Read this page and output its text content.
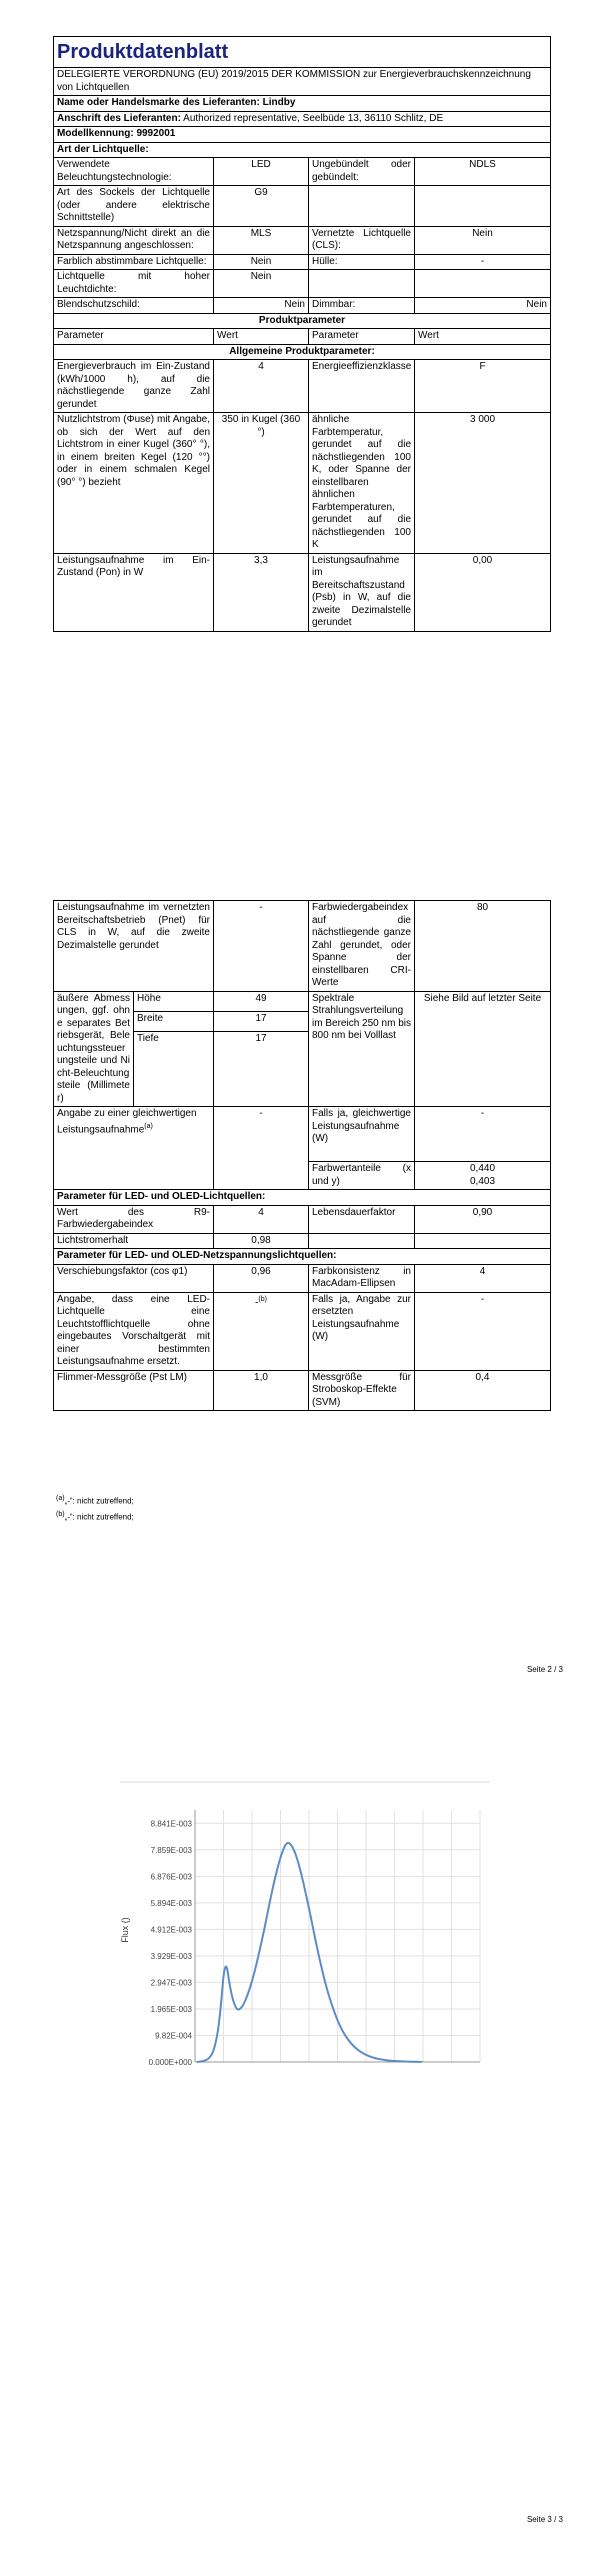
Produktdatenblatt			
DELEGIERTE VERORDNUNG (EU) 2019/2015 DER KOMMISSION zur Energieverbrauchskennzeichnung von Lichtquellen			
Name oder Handelsmarke des Lieferanten: Lindby			
Anschrift des Lieferanten: Authorized representative, Seelbüde 13, 36110 Schlitz, DE			
Modellkennung: 9992001			
Art der Lichtquelle:			
Verwendete Beleuchtungstechnologie:	LED	Ungebündelt oder gebündelt:	NDLS
Art des Sockels der Lichtquelle (oder andere elektrische Schnittstelle)	G9		
Netzspannung/Nicht direkt an die Netzspannung angeschlossen:	MLS	Vernetzte Lichtquelle (CLS):	Nein
Farblich abstimmbare Lichtquelle:	Nein	Hülle:	-
Lichtquelle mit hoher Leuchtdichte:	Nein		
Blendschutzschild:	Nein	Dimmbar:	Nein
Produktparameter			
Parameter	Wert	Parameter	Wert
Allgemeine Produktparameter:			
Energieverbrauch im Ein-Zustand (kWh/1000 h), auf die nächstliegende ganze Zahl gerundet	4	Energieeffizienzklasse	F
Nutzlichtstrom (Φuse) mit Angabe, ob sich der Wert auf den Lichtstrom in einer Kugel (360° °), in einem breiten Kegel (120 °°) oder in einem schmalen Kegel (90° °) bezieht	350 in Kugel (360 °)	ähnliche Farbtemperatur, gerundet auf die nächstliegenden 100 K, oder Spanne der einstellbaren ähnlichen Farbtemperaturen, gerundet auf die nächstliegenden 100 K	3 000
Leistungsaufnahme im Ein-Zustand (Pon) in W	3,3	Leistungsaufnahme im Bereitschaftszustand (Psb) in W, auf die zweite Dezimalstelle gerundet	0,00
Leistungsaufnahme im vernetzten Bereitschaftsbetrieb (Pnet) für CLS in W, auf die zweite Dezimalstelle gerundet		-	Farbwiedergabeindex auf die nächstliegende ganze Zahl gerundet, oder Spanne der einstellbaren CRI-Werte	80
äußere Abmessungen, ggf. ohne separates Betriebsgerät, Beleuchtungssteuerungsteile und Nicht-Beleuchtungsteile (Millimeter)	Höhe	49	Spektrale Strahlungsverteilung im Bereich 250 nm bis 800 nm bei Volllast	Siehe Bild auf letzter Seite
	Breite	17		
	Tiefe	17		

Angabe zu einer gleichwertigen Leistungsaufnahme$^{(a)}$		-	Falls ja, gleichwertige Leistungsaufnahme (W)	-
			Farbwertanteile (x und y)	0,440
0,403

Parameter für LED- und OLED-Lichtquellen:				
Wert des R9-Farbwiedergabeindex		4	Lebensdauerfaktor	0,90
Lichtstromerhalt		0,98		
Parameter für LED- und OLED-Netzspannungslichtquellen:				
Verschiebungsfaktor (cos φ1)		0,96	Farbkonsistenz in MacAdam-Ellipsen	4
Angabe, dass eine LED-Lichtquelle eine Leuchtstofflichtquelle ohne eingebautes Vorschaltgerät mit einer bestimmten Leistungsaufnahme ersetzt.		-$^{(b)}$	Falls ja, Angabe zur ersetzten Leistungsaufnahme (W)	-
Flimmer-Messgröße (Pst LM)		1,0	Messgröße für Stroboskop-Effekte (SVM)	0,4
$^{(a)}$„-“: nicht zutreffend;
$^{(b)}$„-“: nicht zutreffend;
Seite 2 / 3
0.000E+000
9.82E-004
1.965E-003
2.947E-003
3.929E-003
4.912E-003
5.894E-003
6.876E-003
7.859E-003
8.841E-003
Flux ()
Seite 3 / 3
